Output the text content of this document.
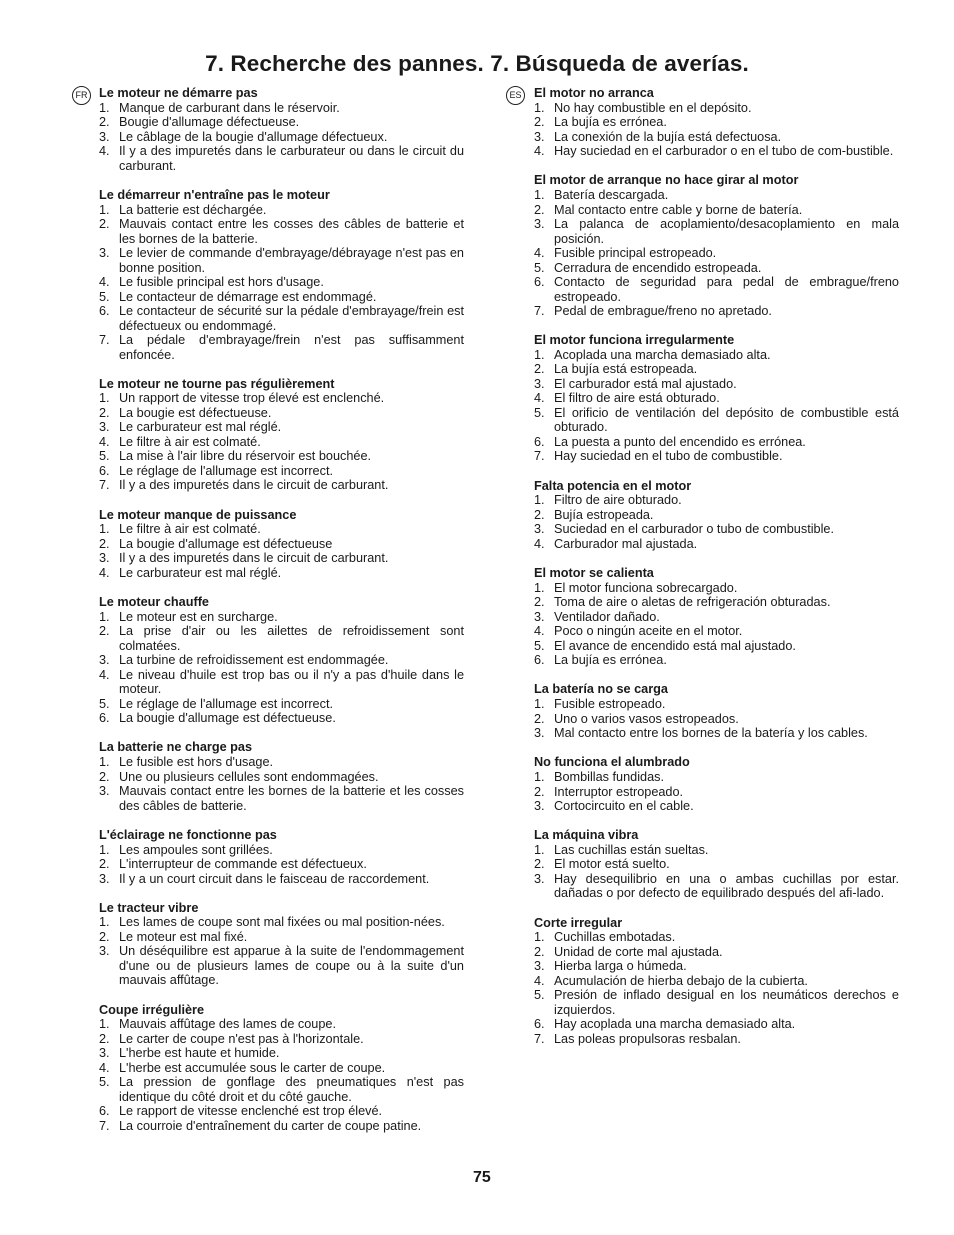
7. Recherche des pannes. 7. Búsqueda de averías.
FR Le moteur ne démarre pas
1. Manque de carburant dans le réservoir.
2. Bougie d'allumage défectueuse.
3. Le câblage de la bougie d'allumage défectueux.
4. Il y a des impuretés dans le carburateur ou dans le circuit du carburant.
Le démarreur n'entraîne pas le moteur
1. La batterie est déchargée.
2. Mauvais contact entre les cosses des câbles de batterie et les bornes de la batterie.
3. Le levier de commande d'embrayage/débrayage n'est pas en bonne position.
4. Le fusible principal est hors d'usage.
5. Le contacteur de démarrage est endommagé.
6. Le contacteur de sécurité sur la pédale d'embrayage/frein est défectueux ou endommagé.
7. La pédale d'embrayage/frein n'est pas suffisamment enfoncée.
Le moteur ne tourne pas régulièrement
1. Un rapport de vitesse trop élevé est enclenché.
2. La bougie est défectueuse.
3. Le carburateur est mal réglé.
4. Le filtre à air est colmaté.
5. La mise à l'air libre du réservoir est bouchée.
6. Le réglage de l'allumage est incorrect.
7. Il y a des impuretés dans le circuit de carburant.
Le moteur manque de puissance
1. Le filtre à air est colmaté.
2. La bougie d'allumage est défectueuse
3. Il y a des impuretés dans le circuit de carburant.
4. Le carburateur est mal réglé.
Le moteur chauffe
1. Le moteur est en surcharge.
2. La prise d'air ou les ailettes de refroidissement sont colmatées.
3. La turbine de refroidissement est endommagée.
4. Le niveau d'huile est trop bas ou il n'y a pas d'huile dans le moteur.
5. Le réglage de l'allumage est incorrect.
6. La bougie d'allumage est défectueuse.
La batterie ne charge pas
1. Le fusible est hors d'usage.
2. Une ou plusieurs cellules sont endommagées.
3. Mauvais contact entre les bornes de la batterie et les cosses des câbles de batterie.
L'éclairage ne fonctionne pas
1. Les ampoules sont grillées.
2. L'interrupteur de commande est défectueux.
3. Il y a un court circuit dans le faisceau de raccordement.
Le tracteur vibre
1. Les lames de coupe sont mal fixées ou mal position-nées.
2. Le moteur est mal fixé.
3. Un déséquilibre est apparue à la suite de l'endommagement d'une ou de plusieurs lames de coupe ou à la suite d'un mauvais affûtage.
Coupe irrégulière
1. Mauvais affûtage des lames de coupe.
2. Le carter de coupe n'est pas à l'horizontale.
3. L'herbe est haute et humide.
4. L'herbe est accumulée sous le carter de coupe.
5. La pression de gonflage des pneumatiques n'est pas identique du côté droit et du côté gauche.
6. Le rapport de vitesse enclenché est trop élevé.
7. La courroie d'entraînement du carter de coupe patine.
ES El motor no arranca
1. No hay combustible en el depósito.
2. La bujía es errónea.
3. La conexión de la bujía está defectuosa.
4. Hay suciedad en el carburador o en el tubo de com-bustible.
El motor de arranque no hace girar al motor
1. Batería descargada.
2. Mal contacto entre cable y borne de batería.
3. La palanca de acoplamiento/desacoplamiento en mala posición.
4. Fusible principal estropeado.
5. Cerradura de encendido estropeada.
6. Contacto de seguridad para pedal de embrague/freno estropeado.
7. Pedal de embrague/freno no apretado.
El motor funciona irregularmente
1. Acoplada una marcha demasiado alta.
2. La bujía está estropeada.
3. El carburador está mal ajustado.
4. El filtro de aire está obturado.
5. El orificio de ventilación del depósito de combustible está obturado.
6. La puesta a punto del encendido es errónea.
7. Hay suciedad en el tubo de combustible.
Falta potencia en el motor
1. Filtro de aire obturado.
2. Bujía estropeada.
3. Suciedad en el carburador o tubo de combustible.
4. Carburador mal ajustada.
El motor se calienta
1. El motor funciona sobrecargado.
2. Toma de aire o aletas de refrigeración obturadas.
3. Ventilador dañado.
4. Poco o ningún aceite en el motor.
5. El avance de encendido está mal ajustado.
6. La bujía es errónea.
La batería no se carga
1. Fusible estropeado.
2. Uno o varios vasos estropeados.
3. Mal contacto entre los bornes de la batería y los cables.
No funciona el alumbrado
1. Bombillas fundidas.
2. Interruptor estropeado.
3. Cortocircuito en el cable.
La máquina vibra
1. Las cuchillas están sueltas.
2. El motor está suelto.
3. Hay desequilibrio en una o ambas cuchillas por estar. dañadas o por defecto de equilibrado después del afi-lado.
Corte irregular
1. Cuchillas embotadas.
2. Unidad de corte mal ajustada.
3. Hierba larga o húmeda.
4. Acumulación de hierba debajo de la cubierta.
5. Presión de inflado desigual en los neumáticos derechos e izquierdos.
6. Hay acoplada una marcha demasiado alta.
7. Las poleas propulsoras resbalan.
75
